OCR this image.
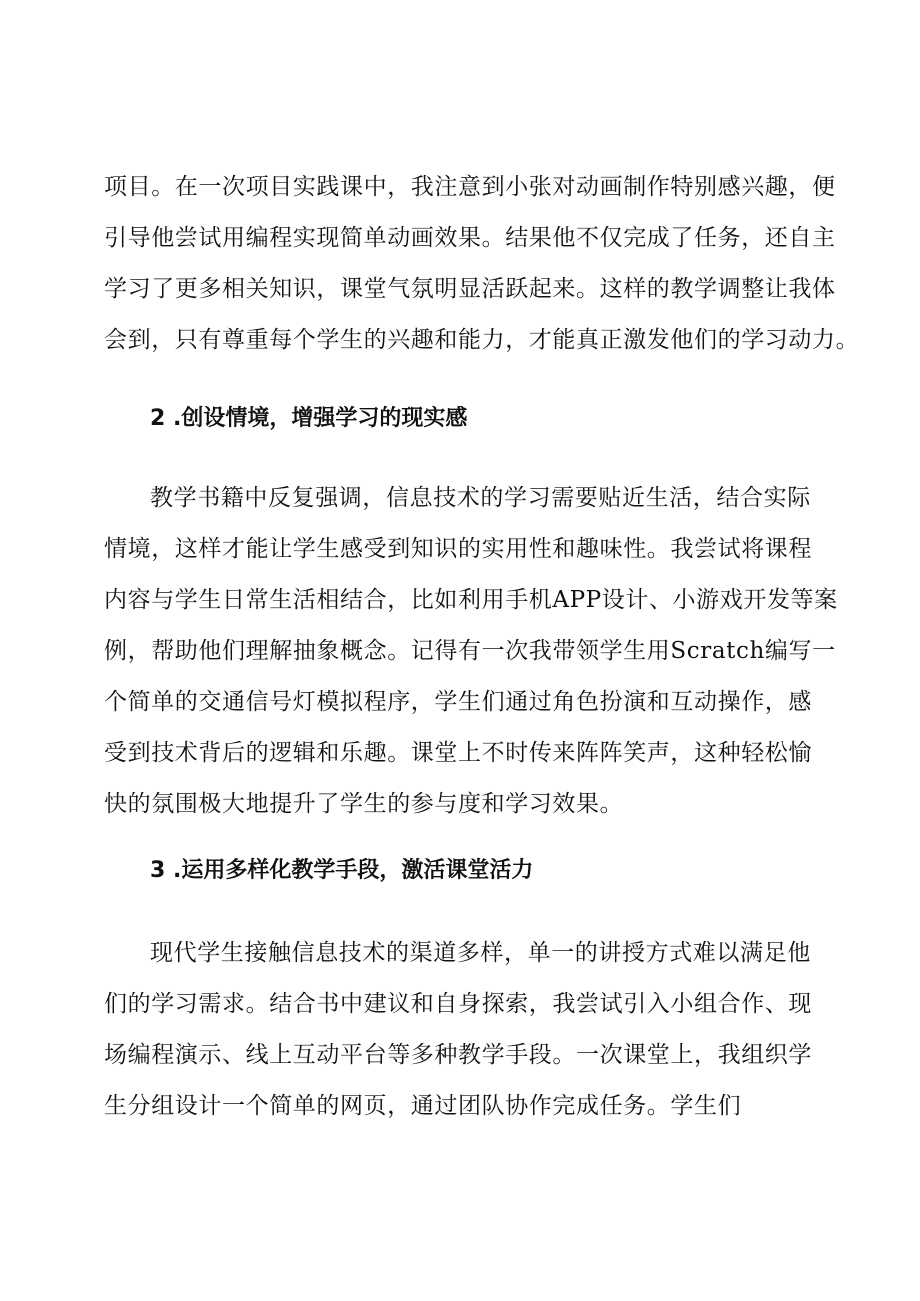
项目。在一次项目实践课中，我注意到小张对动画制作特别感兴趣，便
引导他尝试用编程实现简单动画效果。结果他不仅完成了任务，还自主
学习了更多相关知识，课堂气氛明显活跃起来。这样的教学调整让我体
会到，只有尊重每个学生的兴趣和能力，才能真正激发他们的学习动力。
2 .创设情境，增强学习的现实感
教学书籍中反复强调，信息技术的学习需要贴近生活，结合实际
情境，这样才能让学生感受到知识的实用性和趣味性。我尝试将课程
内容与学生日常生活相结合，比如利用手机APP设计、小游戏开发等案
例，帮助他们理解抽象概念。记得有一次我带领学生用Scratch编写一
个简单的交通信号灯模拟程序，学生们通过角色扮演和互动操作，感
受到技术背后的逻辑和乐趣。课堂上不时传来阵阵笑声，这种轻松愉
快的氛围极大地提升了学生的参与度和学习效果。
3 .运用多样化教学手段，激活课堂活力
现代学生接触信息技术的渠道多样，单一的讲授方式难以满足他
们的学习需求。结合书中建议和自身探索，我尝试引入小组合作、现
场编程演示、线上互动平台等多种教学手段。一次课堂上，我组织学
生分组设计一个简单的网页，通过团队协作完成任务。学生们
